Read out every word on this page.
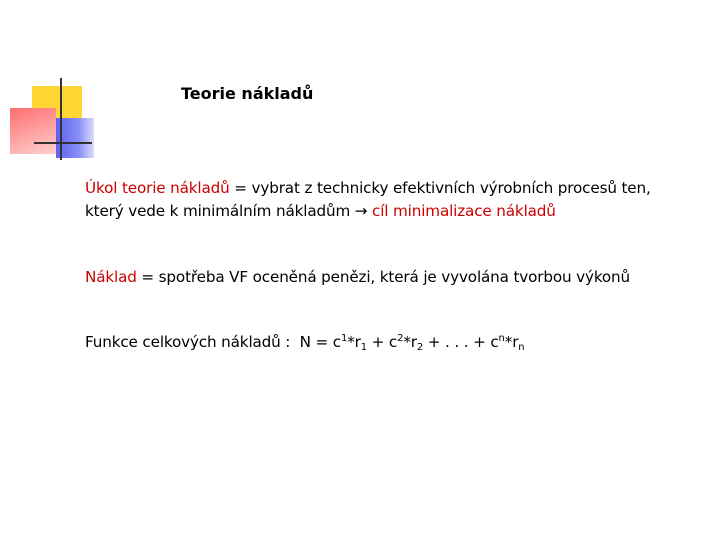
Teorie nákladů
Úkol teorie nákladů = vybrat z technicky efektivních výrobních procesů ten,
který vede k minimálním nákladům → cíl minimalizace nákladů
Náklad = spotřeba VF oceněná penězi, která je vyvolána tvorbou výkonů
Funkce celkových nákladů :  $N = c^1*r_1 + c^2*r_2$ + . . . + $c^n*r_n$
